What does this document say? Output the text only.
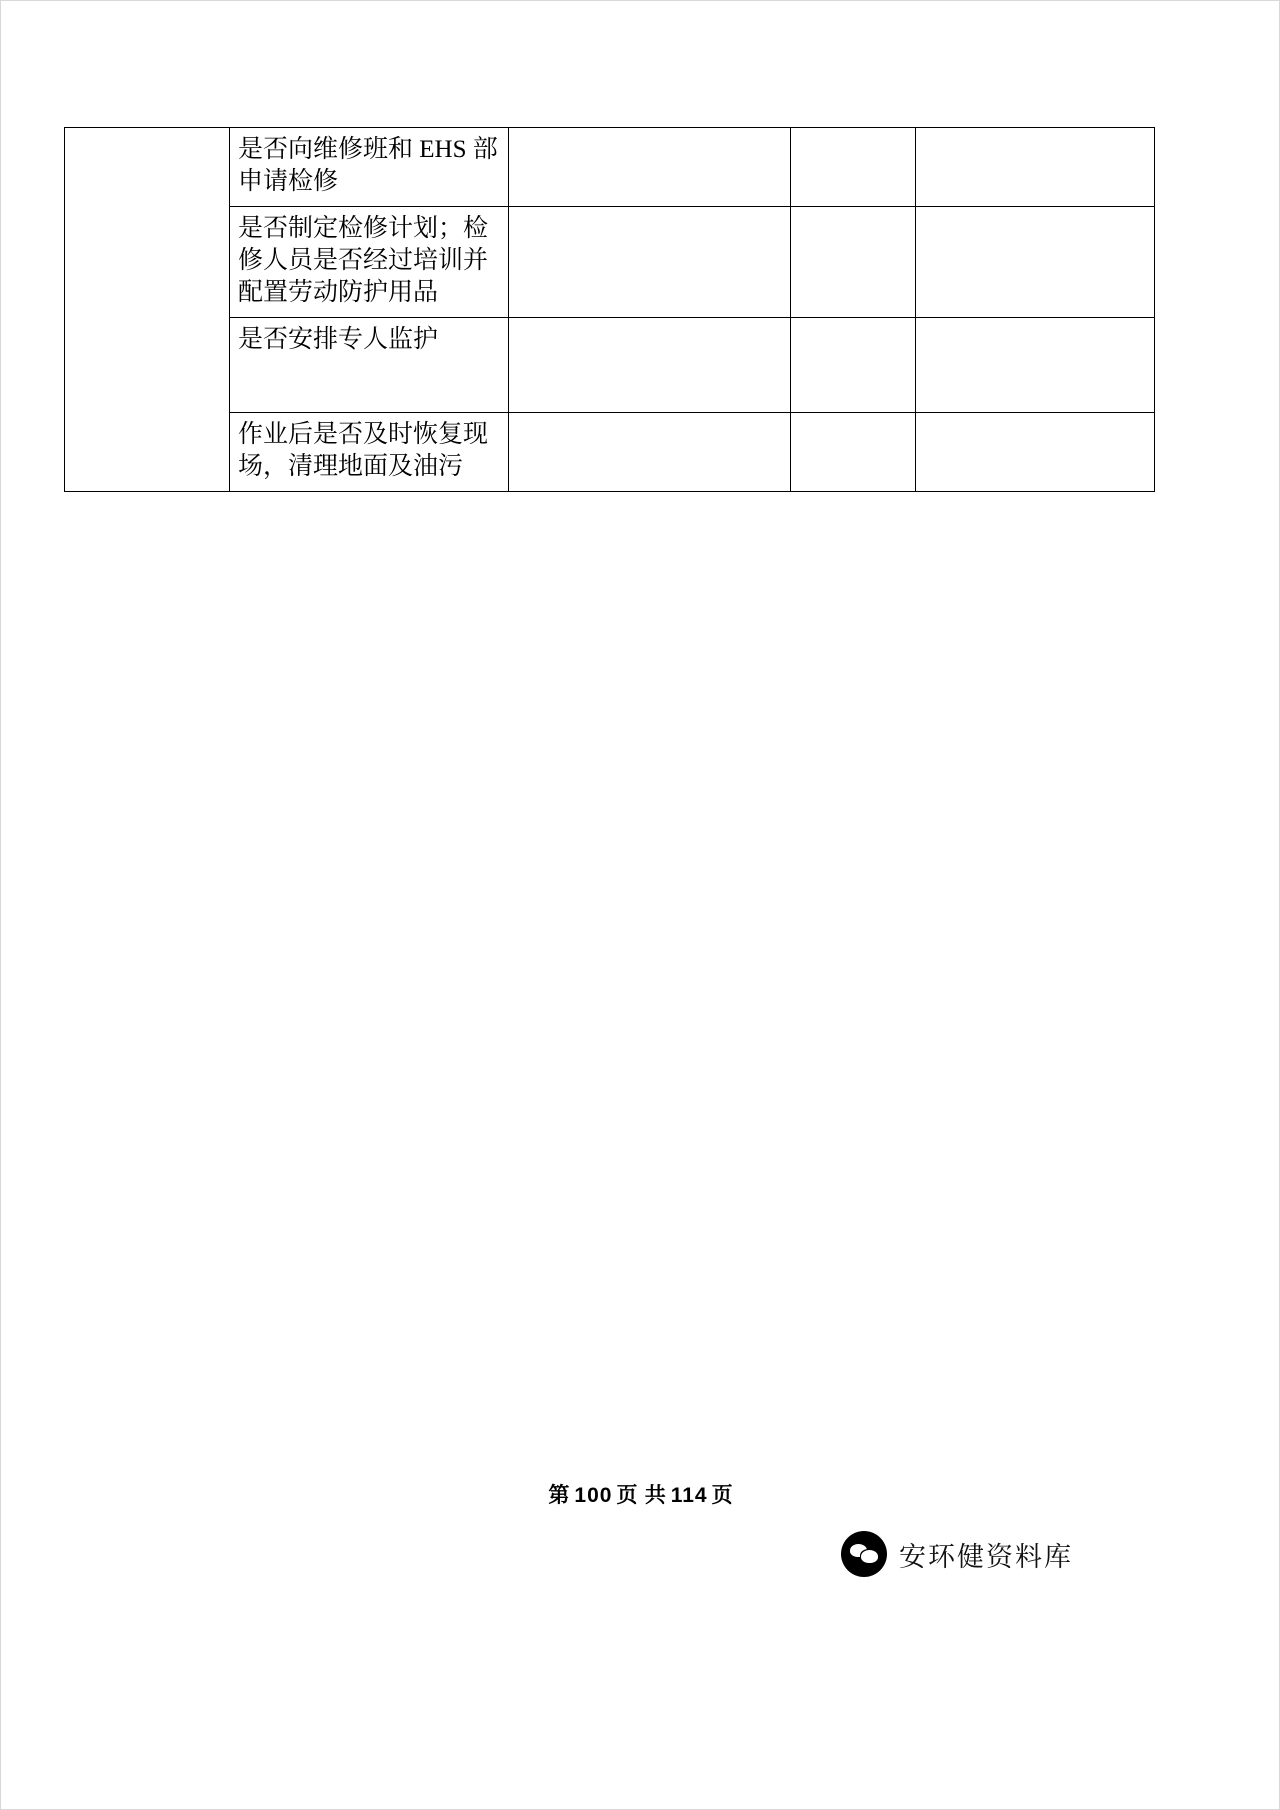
	是否向维修班和 EHS 部申请检修			

	是否制定检修计划；检修人员是否经过培训并配置劳动防护用品			

	是否安排专人监护			

	作业后是否及时恢复现场，清理地面及油污			

第 100 页 共 114 页
安环健资料库
